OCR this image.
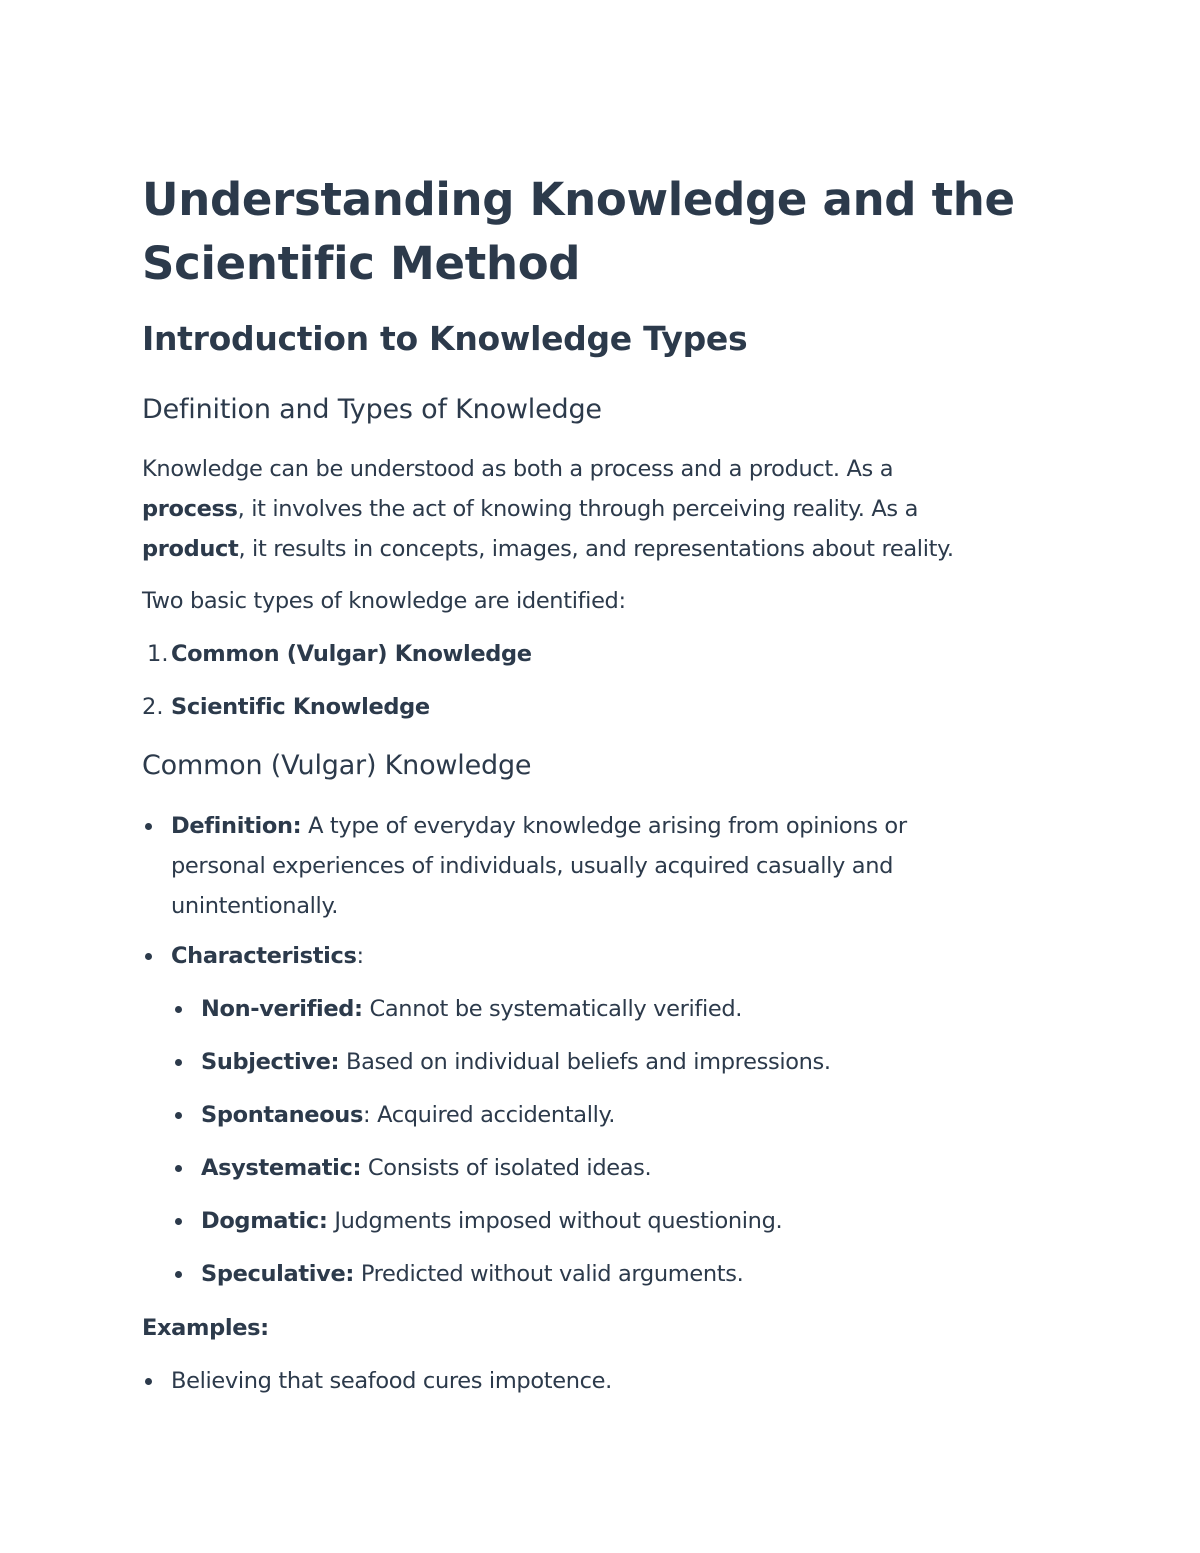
Understanding Knowledge and the
Scientific Method
Introduction to Knowledge Types
Definition and Types of Knowledge

Knowledge can be understood as both a process and a product. As a
process, it involves the act of knowing through perceiving reality. As a
product, it results in concepts, images, and representations about reality.

Two basic types of knowledge are identified:

1. Common (Vulgar) Knowledge
2. Scientific Knowledge
Common (Vulgar) Knowledge

Definition: A type of everyday knowledge arising from opinions or
personal experiences of individuals, usually acquired casually and
unintentionally.

Characteristics:
Non-verified: Cannot be systematically verified.
Subjective: Based on individual beliefs and impressions.
Spontaneous: Acquired accidentally.
Asystematic: Consists of isolated ideas.
Dogmatic: Judgments imposed without questioning.
Speculative: Predicted without valid arguments.
Examples:
Believing that seafood cures impotence.
